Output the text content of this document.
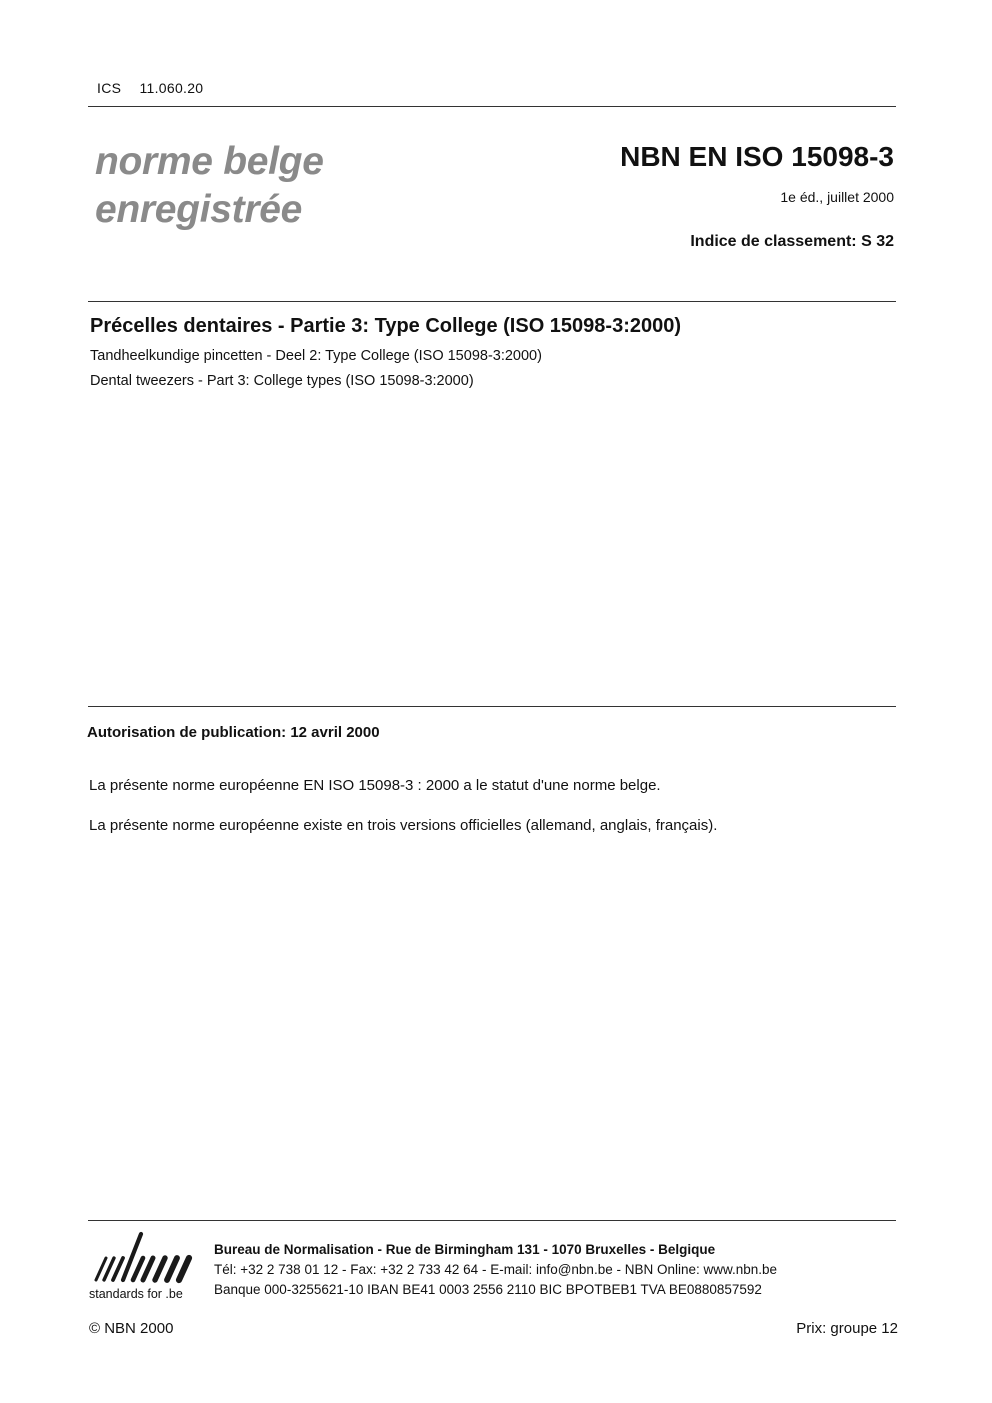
ICS 11.060.20
norme belge
enregistrée
NBN EN ISO 15098-3
1e éd., juillet 2000
Indice de classement: S 32
Précelles dentaires - Partie 3: Type College (ISO 15098-3:2000)
Tandheelkundige pincetten - Deel 2: Type College (ISO 15098-3:2000)
Dental tweezers - Part 3: College types (ISO 15098-3:2000)
Autorisation de publication: 12 avril 2000
La présente norme européenne EN ISO 15098-3 : 2000 a le statut d'une norme belge.
La présente norme européenne existe en trois versions officielles (allemand, anglais, français).
standards for .be
Bureau de Normalisation - Rue de Birmingham 131 - 1070 Bruxelles - Belgique
Tél: +32 2 738 01 12 - Fax: +32 2 733 42 64 - E-mail: info@nbn.be - NBN Online: www.nbn.be
Banque 000-3255621-10 IBAN BE41 0003 2556 2110 BIC BPOTBEB1 TVA BE0880857592
© NBN 2000	Prix: groupe 12
